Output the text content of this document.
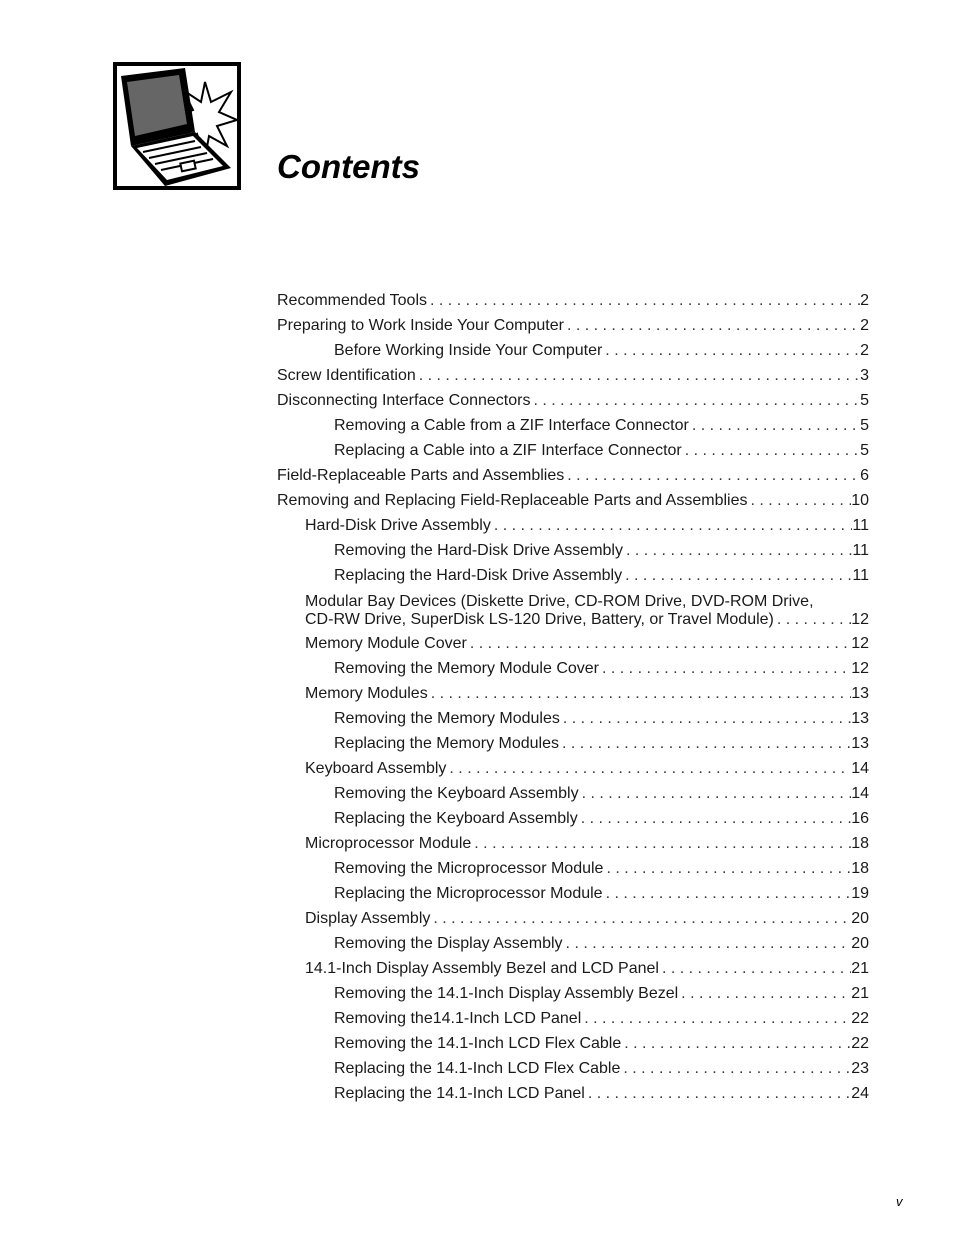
Contents
Recommended Tools . . .	2
Preparing to Work Inside Your Computer . . .	2
Before Working Inside Your Computer . . .	2
Screw Identification . . .	3
Disconnecting Interface Connectors . . .	5
Removing a Cable from a ZIF Interface Connector . . .	5
Replacing a Cable into a ZIF Interface Connector . . .	5
Field-Replaceable Parts and Assemblies . . .	6
Removing and Replacing Field-Replaceable Parts and Assemblies . . .	10
Hard-Disk Drive Assembly . . .	11
Removing the Hard-Disk Drive Assembly . . .	11
Replacing the Hard-Disk Drive Assembly . . .	11
Modular Bay Devices (Diskette Drive, CD-ROM Drive, DVD-ROM Drive,
CD-RW Drive, SuperDisk LS-120 Drive, Battery, or Travel Module) . . .	12
Memory Module Cover . . .	12
Removing the Memory Module Cover . . .	12
Memory Modules . . .	13
Removing the Memory Modules . . .	13
Replacing the Memory Modules . . .	13
Keyboard Assembly . . .	14
Removing the Keyboard Assembly . . .	14
Replacing the Keyboard Assembly . . .	16
Microprocessor Module . . .	18
Removing the Microprocessor Module . . .	18
Replacing the Microprocessor Module . . .	19
Display Assembly . . .	20
Removing the Display Assembly . . .	20
14.1-Inch Display Assembly Bezel and LCD Panel . . .	21
Removing the 14.1-Inch Display Assembly Bezel . . .	21
Removing the14.1-Inch LCD Panel . . .	22
Removing the 14.1-Inch LCD Flex Cable . . .	22
Replacing the 14.1-Inch LCD Flex Cable . . .	23
Replacing the 14.1-Inch LCD Panel . . .	24
v
